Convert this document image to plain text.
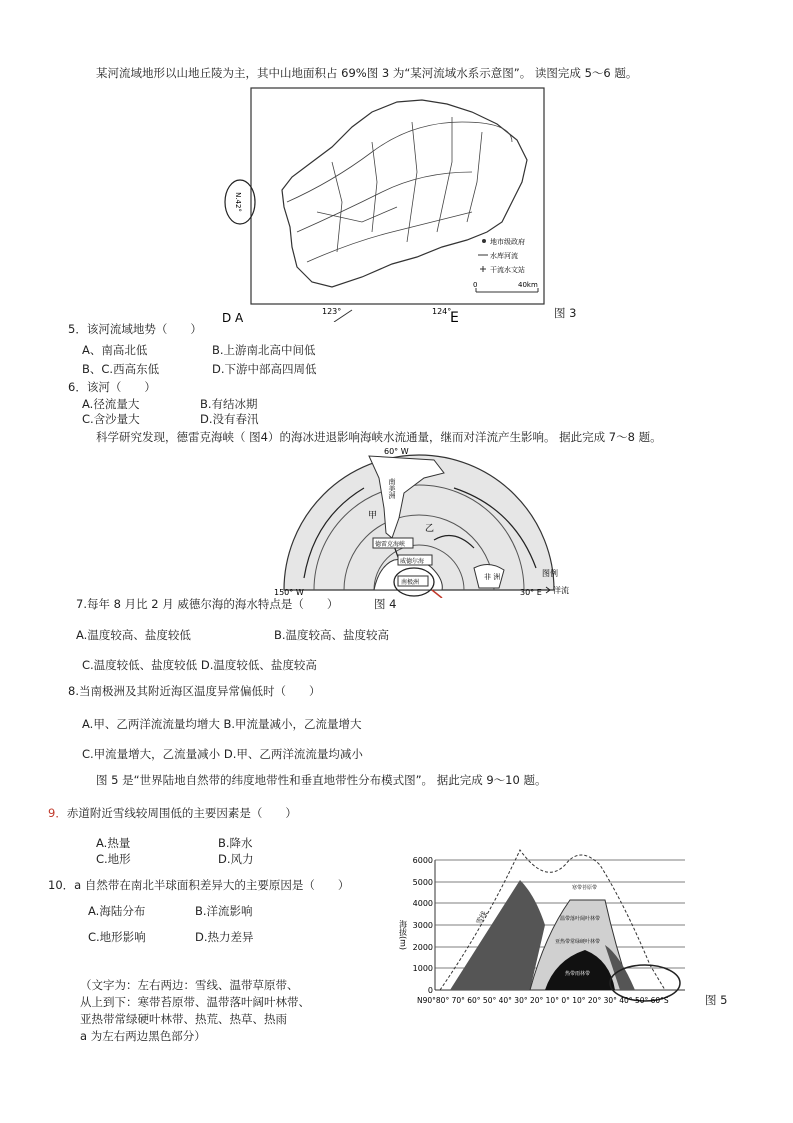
某河流域地形以山地丘陵为主，其中山地面积占 69%图 3 为“某河流域水系示意图”。 读图完成 5～6 题。
N.42°
123°	124°
D A	E
地市级政府
水库河流
干流水文站
0	40km
图 3
5．该河流域地势（　　）
A、南高北低	B.上游南北高中间低
B、C.西高东低	D.下游中部高四周低
6．该河（　　）
A.径流量大	B.有结冰期
C.含沙量大	D.没有春汛
科学研究发现，德雷克海峡（ 图4）的海冰进退影响海峡水流通量，继而对洋流产生影响。 据此完成 7～8 题。
60° W
150° W	30° E
南美洲
甲
乙
德雷克海峡
威德尔海
南极洲
非 洲	图例
洋流
7.每年 8 月比 2 月 威德尔海的海水特点是（　　）	图 4
A.温度较高、盐度较低	B.温度较高、盐度较高
C.温度较低、盐度较低 D.温度较低、盐度较高
8.当南极洲及其附近海区温度异常偏低时（　　）
A.甲、乙两洋流流量均增大 B.甲流量减小，乙流量增大
C.甲流量增大，乙流量减小 D.甲、乙两洋流流量均减小
图 5 是“世界陆地自然带的纬度地带性和垂直地带性分布模式图”。 据此完成 9～10 题。
9．赤道附近雪线较周围低的主要因素是（　　）
A.热量	B.降水
C.地形	D.风力
10．a 自然带在南北半球面积差异大的主要原因是（　　）
A.海陆分布	B.洋流影响
C.地形影响	D.热力差异
（文字为：左右两边：雪线、温带草原带、
从上到下：寒带苔原带、温带落叶阔叶林带、
亚热带常绿硬叶林带、热荒、热草、热雨
a 为左右两边黑色部分）
6000
5000
4000
3000
2000
1000
0
海拔(m)
雪线
寒带苔原带
温带落叶阔叶林带
亚热带常绿硬叶林带
热带雨林带
N90°80° 70° 60° 50° 40° 30° 20° 10° 0° 10° 20° 30° 40° 50° 60°S	图 5
